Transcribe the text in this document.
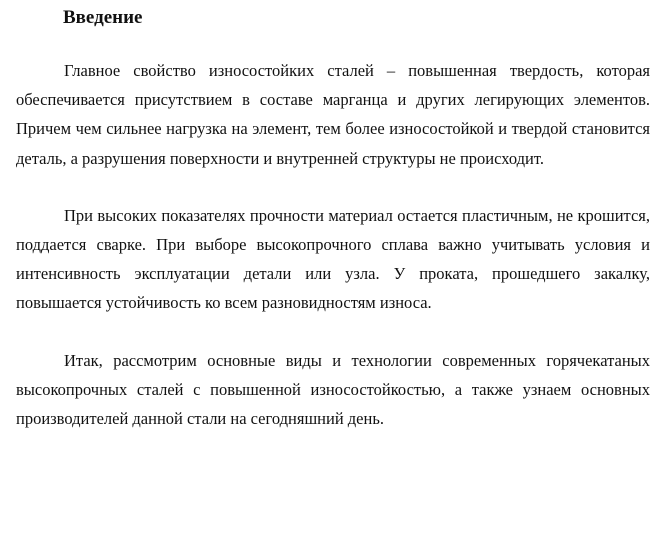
Введение

Главное свойство износостойких сталей – повышенная твердость, которая обеспечивается присутствием в составе марганца и других легирующих элементов. Причем чем сильнее нагрузка на элемент, тем более износостойкой и твердой становится деталь, а разрушения поверхности и внутренней структуры не происходит.

При высоких показателях прочности материал остается пластичным, не крошится, поддается сварке. При выборе высокопрочного сплава важно учитывать условия и интенсивность эксплуатации детали или узла. У проката, прошедшего закалку, повышается устойчивость ко всем разновидностям износа.

Итак, рассмотрим основные виды и технологии современных горячекатаных высокопрочных сталей с повышенной износостойкостью, а также узнаем основных производителей данной стали на сегодняшний день.
